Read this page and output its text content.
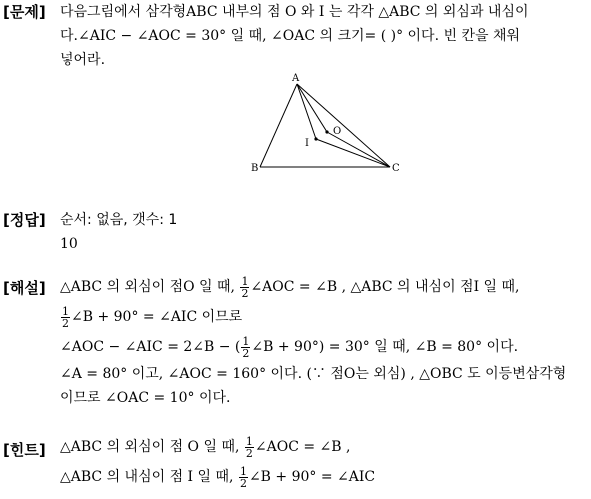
[문제] 다음그림에서 삼각형ABC 내부의 점 O 와 I 는 각각 △ABC 의 외심과 내심이
다.∠AIC − ∠AOC = 30° 일 때, ∠OAC 의 크기= ( )° 이다. 빈 칸을 채워
넣어라.
A
B	C
I
O
[정답] 순서: 없음, 갯수: 1
10
[해설] △ABC 의 외심이 점O 일 때, $\frac{1}{2}$ ∠AOC = ∠B , △ABC 의 내심이 점I 일 때,
$\frac{1}{2}$ ∠B + 90° = ∠AIC 이므로
∠AOC − ∠AIC = 2∠B − ( $\frac{1}{2}$ ∠B + 90°) = 30° 일 때, ∠B = 80° 이다.
∠A = 80° 이고, ∠AOC = 160° 이다. (∵ 점O는 외심) , △OBC 도 이등변삼각형
이므로 ∠OAC = 10° 이다.
[힌트] △ABC 의 외심이 점 O 일 때, $\frac{1}{2}$ ∠AOC = ∠B ,
△ABC 의 내심이 점 I 일 때, $\frac{1}{2}$ ∠B + 90° = ∠AIC
